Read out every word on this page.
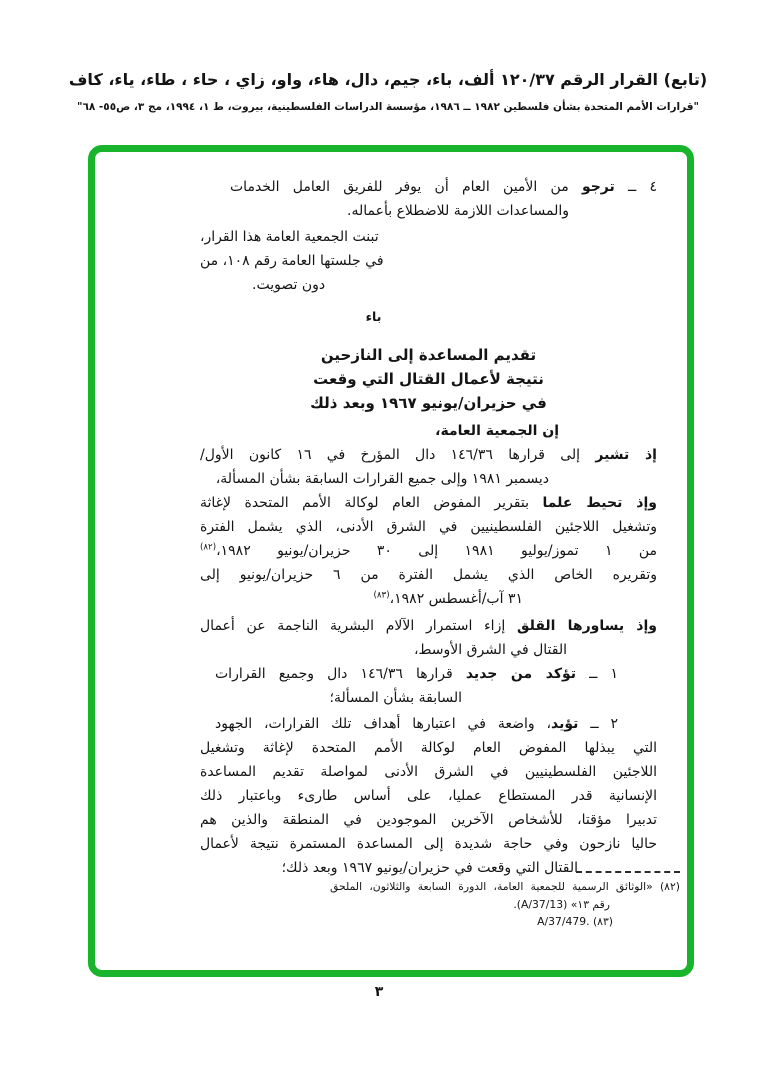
(تابع) القرار الرقم ١٢٠/٣٧ ألف، باء، جيم، دال، هاء، واو، زاي ، حاء ، طاء، ياء، كاف
"قرارات الأمم المتحدة بشأن فلسطين ١٩٨٢ ــ ١٩٨٦، مؤسسة الدراسات الفلسطينية، بيروت، ط ١، ١٩٩٤، مج ٣، ص٥٥- ٦٨"
٤ ــ ترجو من الأمين العام أن يوفر للفريق العامل الخدمات
والمساعدات اللازمة للاضطلاع بأعماله.
تبنت الجمعية العامة هذا القرار،
في جلستها العامة رقم ١٠٨، من
دون تصويت.
باء
تقديم المساعدة إلى النازحين
نتيجة لأعمال القتال التي وقعت
في حزيران/يونيو ١٩٦٧ وبعد ذلك
إن الجمعية العامة،
إذ تشير إلى قرارها ١٤٦/٣٦ دال المؤرخ في ١٦ كانون الأول/
ديسمبر ١٩٨١ وإلى جميع القرارات السابقة بشأن المسألة،
وإذ تحيط علما بتقرير المفوض العام لوكالة الأمم المتحدة لإغاثة
وتشغيل اللاجئين الفلسطينيين في الشرق الأدنى، الذي يشمل الفترة
من ١ تموز/يوليو ١٩٨١ إلى ٣٠ حزيران/يونيو ١٩٨٢،$^{(٨٢)}$
وتقريره الخاص الذي يشمل الفترة من ٦ حزيران/يونيو إلى
٣١ آب/أغسطس ١٩٨٢،$^{(٨٣)}$
وإذ يساورها القلق إزاء استمرار الآلام البشرية الناجمة عن أعمال
القتال في الشرق الأوسط،
١ ــ تؤكد من جديد قرارها ١٤٦/٣٦ دال وجميع القرارات
السابقة بشأن المسألة؛
٢ ــ تؤيد، واضعة في اعتبارها أهداف تلك القرارات، الجهود
التي يبذلها المفوض العام لوكالة الأمم المتحدة لإغاثة وتشغيل
اللاجئين الفلسطينيين في الشرق الأدنى لمواصلة تقديم المساعدة
الإنسانية قدر المستطاع عمليا، على أساس طارىء وباعتبار ذلك
تدبيرا مؤقتا، للأشخاص الآخرين الموجودين في المنطقة والذين هم
حاليا نازحون وفي حاجة شديدة إلى المساعدة المستمرة نتيجة لأعمال
القتال التي وقعت في حزيران/يونيو ١٩٦٧ وبعد ذلك؛
(٨٢) «الوثائق الرسمية للجمعية العامة، الدورة السابعة والثلاثون، الملحق
رقم ١٣» (A/37/13).
(٨٣) A/37/479.
٣
